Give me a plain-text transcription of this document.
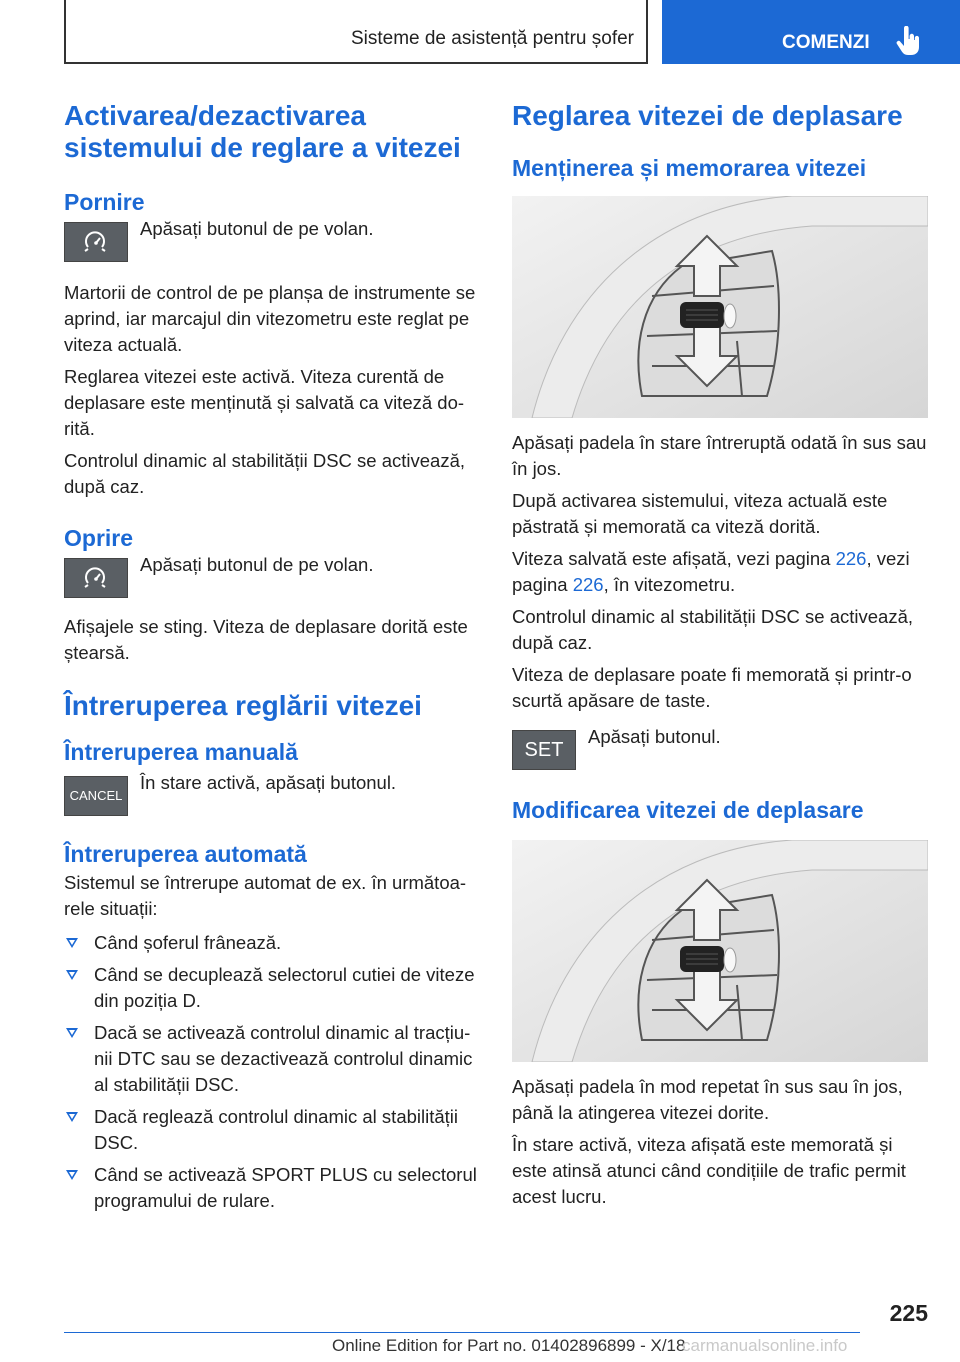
Sisteme de asistență pentru șofer	COMENZI
Activarea/dezactivarea sistemului de reglare a vitezei
Pornire

Apăsați butonul de pe volan.

Martorii de control de pe planșa de instrumente se aprind, iar marcajul din vitezometru este reglat pe viteza actuală.

Reglarea vitezei este activă. Viteza curentă de deplasare este menținută și salvată ca viteză dorită.

Controlul dinamic al stabilității DSC se activează, după caz.

Oprire

Apăsați butonul de pe volan.

Afișajele se sting. Viteza de deplasare dorită este ștearsă.

Întreruperea reglării vitezei
Întreruperea manuală
CANCEL

În stare activă, apăsați butonul.

Întreruperea automată

Sistemul se întrerupe automat de ex. în următoarele situații:

Când șoferul frânează.
Când se decuplează selectorul cutiei de viteze din poziția D.
Dacă se activează controlul dinamic al tracțiunii DTC sau se dezactivează controlul dinamic al stabilității DSC.
Dacă reglează controlul dinamic al stabilității DSC.
Când se activează SPORT PLUS cu selectorul programului de rulare.
Reglarea vitezei de deplasare
Menținerea și memorarea vitezei

Apăsați padela în stare întreruptă odată în sus sau în jos.

După activarea sistemului, viteza actuală este păstrată și memorată ca viteză dorită.

Viteza salvată este afișată, vezi pagina 226, vezi pagina 226, în vitezometru.

Controlul dinamic al stabilității DSC se activează, după caz.

Viteza de deplasare poate fi memorată și printr-o scurtă apăsare de taste.

SET

Apăsați butonul.

Modificarea vitezei de deplasare

Apăsați padela în mod repetat în sus sau în jos, până la atingerea vitezei dorite.

În stare activă, viteza afișată este memorată și este atinsă atunci când condițiile de trafic permit acest lucru.

225
Online Edition for Part no. 01402896899 - X/18
carmanualsonline.info
